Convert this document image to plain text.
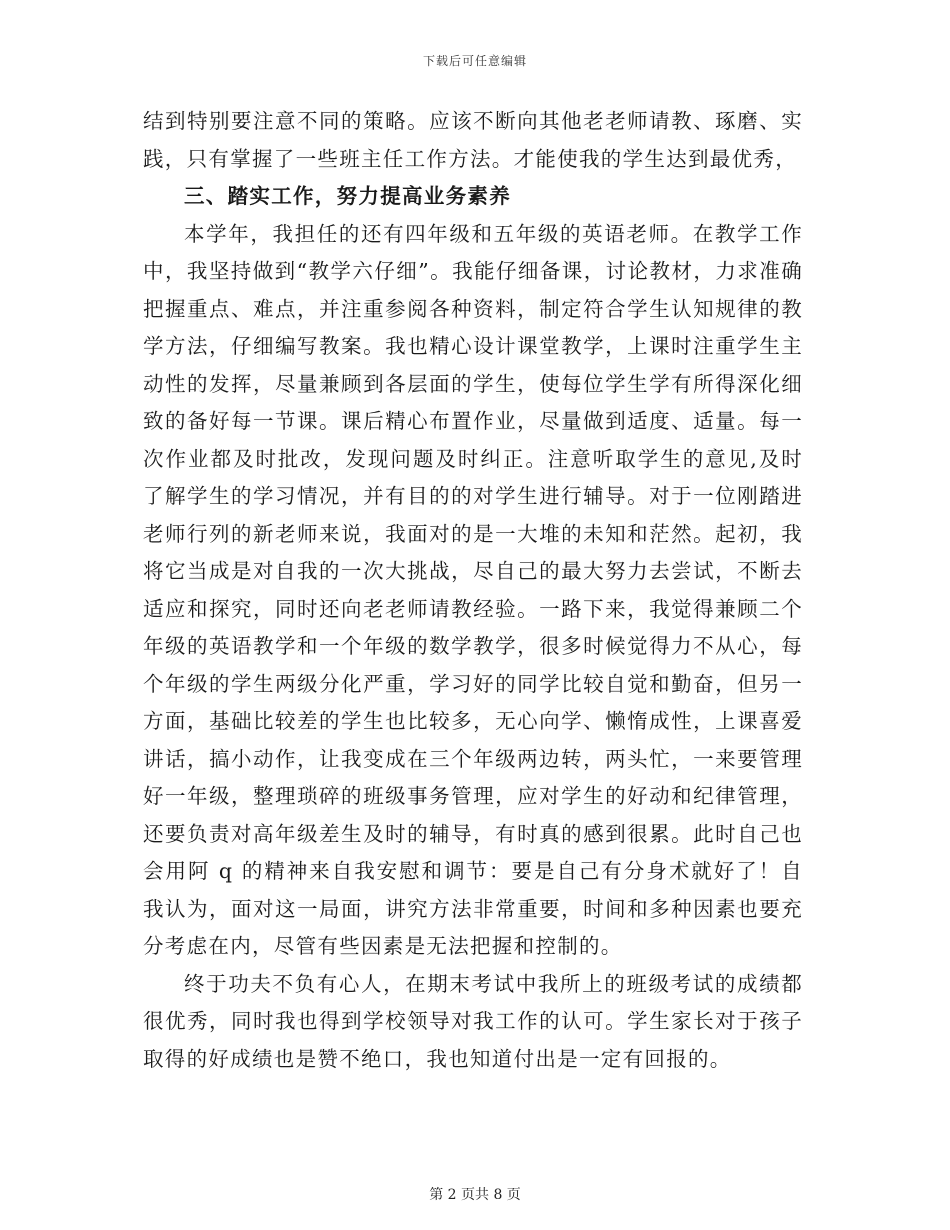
下载后可任意编辑

结到特别要注意不同的策略。应该不断向其他老老师请教、琢磨、实践，只有掌握了一些班主任工作方法。才能使我的学生达到最优秀，

三、踏实工作，努力提高业务素养

本学年，我担任的还有四年级和五年级的英语老师。在教学工作中，我坚持做到“教学六仔细”。我能仔细备课，讨论教材，力求准确把握重点、难点，并注重参阅各种资料，制定符合学生认知规律的教学方法，仔细编写教案。我也精心设计课堂教学，上课时注重学生主动性的发挥，尽量兼顾到各层面的学生，使每位学生学有所得深化细致的备好每一节课。课后精心布置作业，尽量做到适度、适量。每一次作业都及时批改，发现问题及时纠正。注意听取学生的意见,及时了解学生的学习情况，并有目的的对学生进行辅导。对于一位刚踏进老师行列的新老师来说，我面对的是一大堆的未知和茫然。起初，我将它当成是对自我的一次大挑战，尽自己的最大努力去尝试，不断去适应和探究，同时还向老老师请教经验。一路下来，我觉得兼顾二个年级的英语教学和一个年级的数学教学，很多时候觉得力不从心，每个年级的学生两级分化严重，学习好的同学比较自觉和勤奋，但另一方面，基础比较差的学生也比较多，无心向学、懒惰成性，上课喜爱讲话，搞小动作，让我变成在三个年级两边转，两头忙，一来要管理好一年级，整理琐碎的班级事务管理，应对学生的好动和纪律管理，还要负责对高年级差生及时的辅导，有时真的感到很累。此时自己也会用阿 q 的精神来自我安慰和调节：要是自己有分身术就好了！自我认为，面对这一局面，讲究方法非常重要，时间和多种因素也要充分考虑在内，尽管有些因素是无法把握和控制的。

终于功夫不负有心人，在期末考试中我所上的班级考试的成绩都很优秀，同时我也得到学校领导对我工作的认可。学生家长对于孩子取得的好成绩也是赞不绝口，我也知道付出是一定有回报的。

第 2 页共 8 页
